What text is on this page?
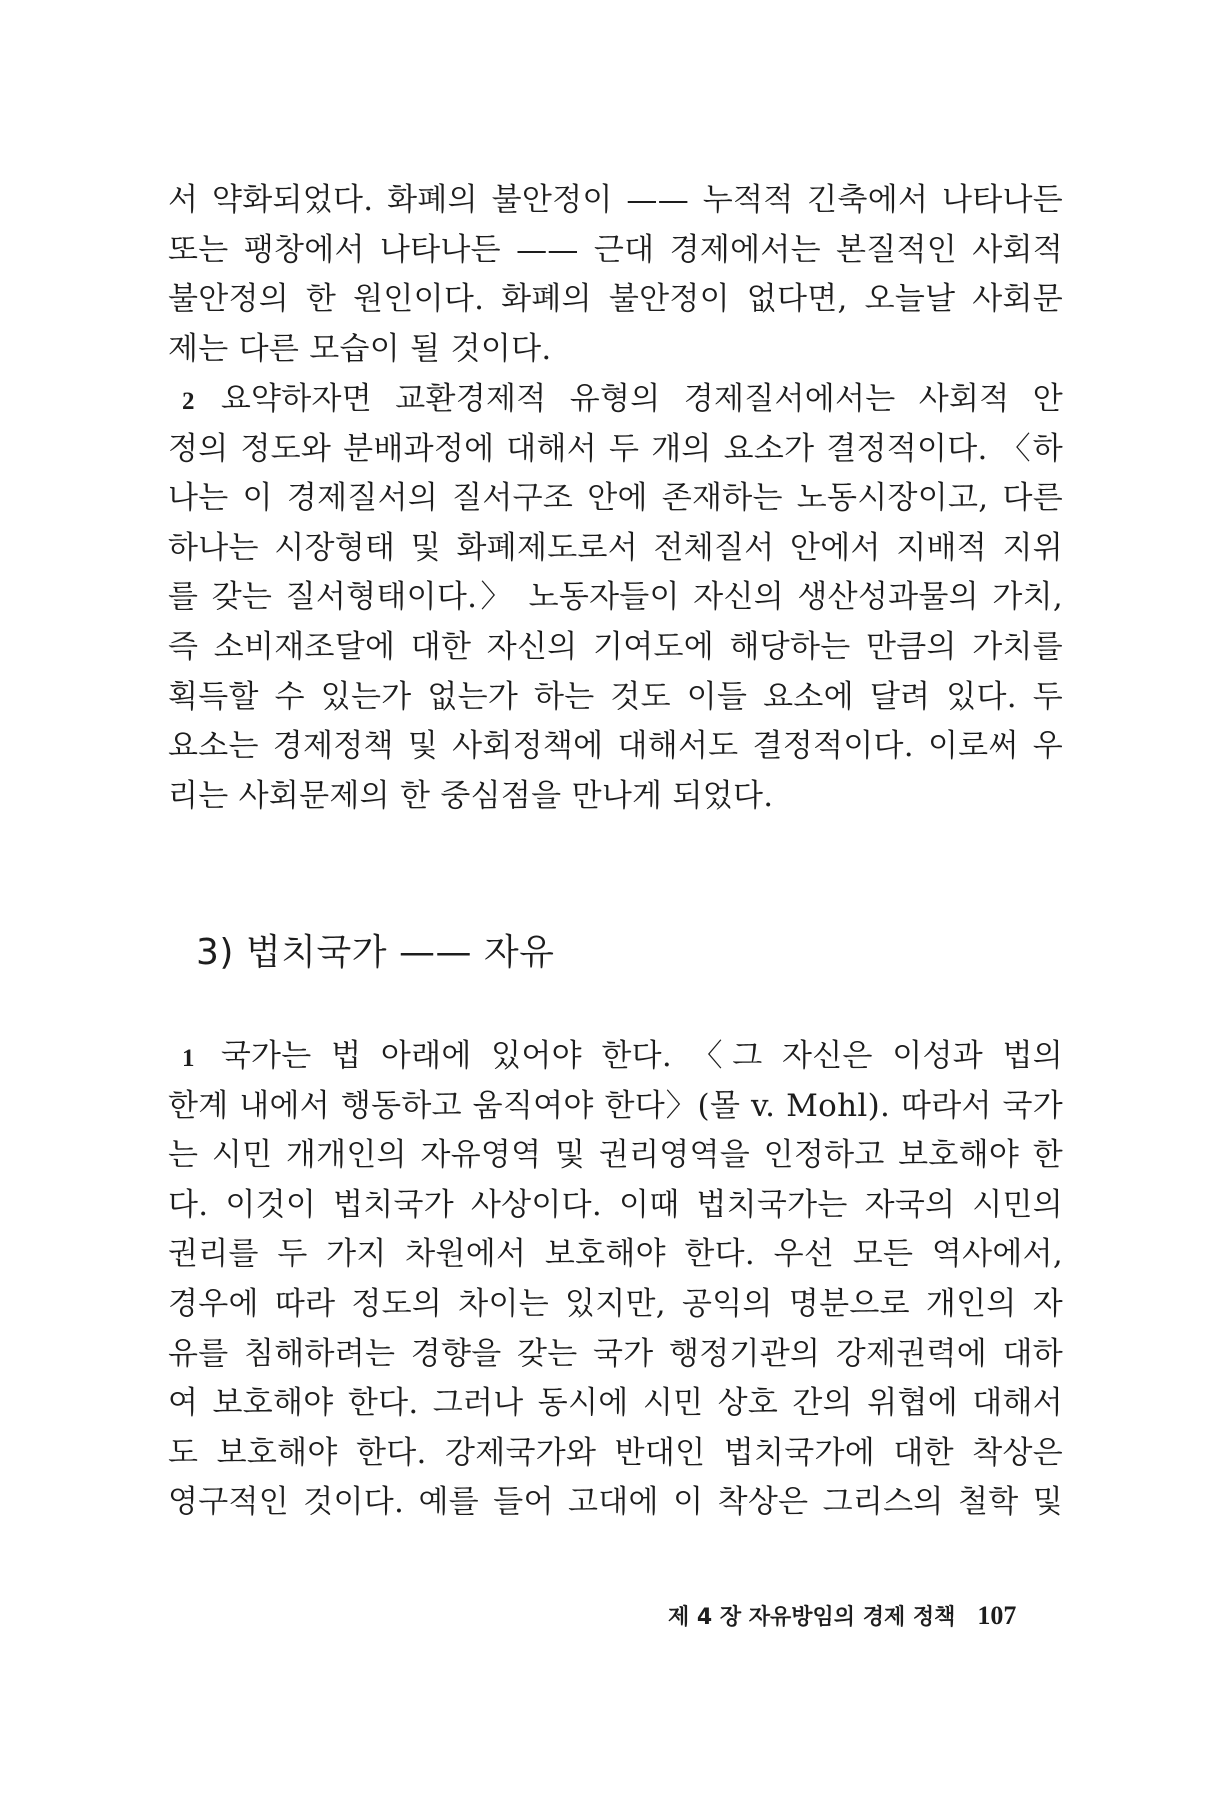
서 약화되었다. 화폐의 불안정이 —— 누적적 긴축에서 나타나든
또는 팽창에서 나타나든 —— 근대 경제에서는 본질적인 사회적
불안정의 한 원인이다. 화폐의 불안정이 없다면, 오늘날 사회문
제는 다른 모습이 될 것이다.
2 요약하자면 교환경제적 유형의 경제질서에서는 사회적 안
정의 정도와 분배과정에 대해서 두 개의 요소가 결정적이다. 〈하
나는 이 경제질서의 질서구조 안에 존재하는 노동시장이고, 다른
하나는 시장형태 및 화폐제도로서 전체질서 안에서 지배적 지위
를 갖는 질서형태이다.〉 노동자들이 자신의 생산성과물의 가치,
즉 소비재조달에 대한 자신의 기여도에 해당하는 만큼의 가치를
획득할 수 있는가 없는가 하는 것도 이들 요소에 달려 있다. 두
요소는 경제정책 및 사회정책에 대해서도 결정적이다. 이로써 우
리는 사회문제의 한 중심점을 만나게 되었다.
3) 법치국가 —— 자유
1 국가는 법 아래에 있어야 한다. 〈그 자신은 이성과 법의
한계 내에서 행동하고 움직여야 한다〉(몰 v. Mohl). 따라서 국가
는 시민 개개인의 자유영역 및 권리영역을 인정하고 보호해야 한
다. 이것이 법치국가 사상이다. 이때 법치국가는 자국의 시민의
권리를 두 가지 차원에서 보호해야 한다. 우선 모든 역사에서,
경우에 따라 정도의 차이는 있지만, 공익의 명분으로 개인의 자
유를 침해하려는 경향을 갖는 국가 행정기관의 강제권력에 대하
여 보호해야 한다. 그러나 동시에 시민 상호 간의 위협에 대해서
도 보호해야 한다. 강제국가와 반대인 법치국가에 대한 착상은
영구적인 것이다. 예를 들어 고대에 이 착상은 그리스의 철학 및
제 4 장 자유방임의 경제 정책 107
